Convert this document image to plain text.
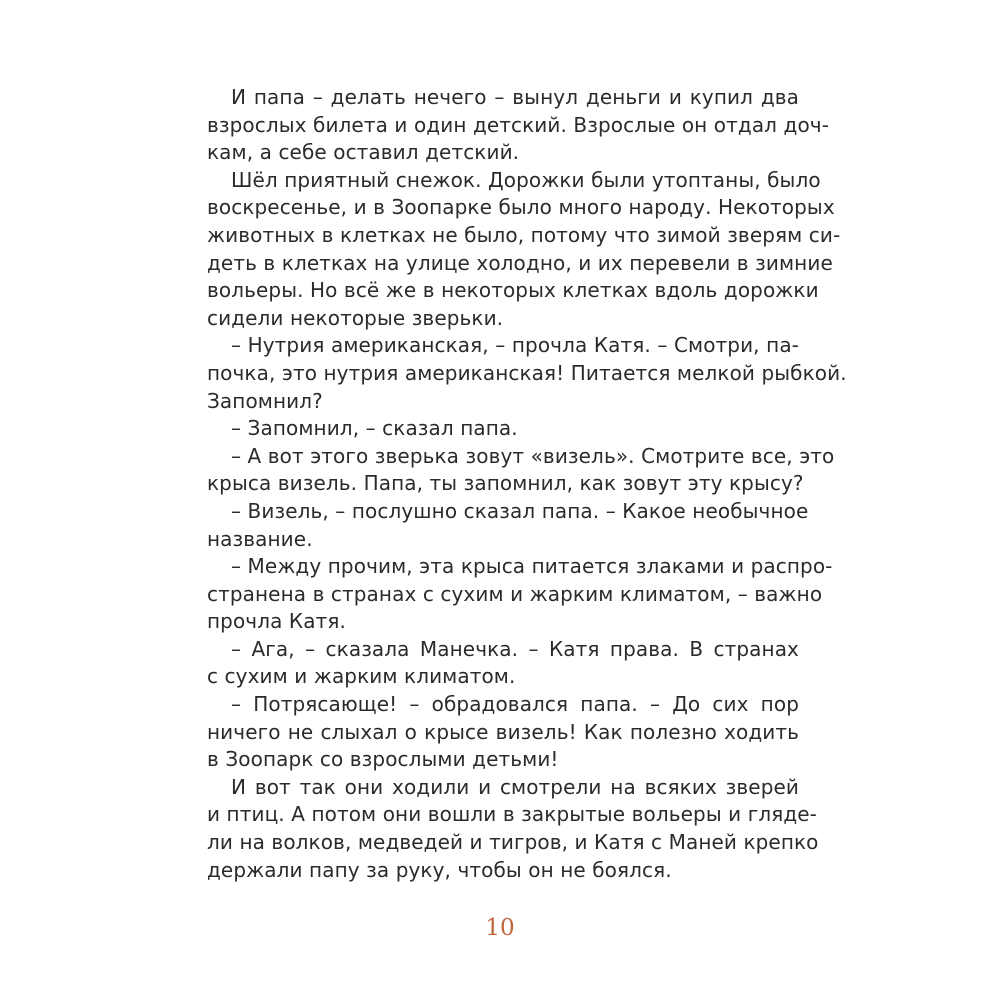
И папа – делать нечего – вынул деньги и купил два
взрослых билета и один детский. Взрослые он отдал доч-
кам, а себе оставил детский.
Шёл приятный снежок. Дорожки были утоптаны, было
воскресенье, и в Зоопарке было много народу. Некоторых
животных в клетках не было, потому что зимой зверям си-
деть в клетках на улице холодно, и их перевели в зимние
вольеры. Но всё же в некоторых клетках вдоль дорожки
сидели некоторые зверьки.
– Нутрия американская, – прочла Катя. – Смотри, па-
почка, это нутрия американская! Питается мелкой рыбкой.
Запомнил?
– Запомнил, – сказал папа.
– А вот этого зверька зовут «визель». Смотрите все, это
крыса визель. Папа, ты запомнил, как зовут эту крысу?
– Визель, – послушно сказал папа. – Какое необычное
название.
– Между прочим, эта крыса питается злаками и распро-
странена в странах с сухим и жарким климатом, – важно
прочла Катя.
– Ага, – сказала Манечка. – Катя права. В странах
с сухим и жарким климатом.
– Потрясающе! – обрадовался папа. – До сих пор
ничего не слыхал о крысе визель! Как полезно ходить
в Зоопарк со взрослыми детьми!
И вот так они ходили и смотрели на всяких зверей
и птиц. А потом они вошли в закрытые вольеры и гляде-
ли на волков, медведей и тигров, и Катя с Маней крепко
держали папу за руку, чтобы он не боялся.
10
